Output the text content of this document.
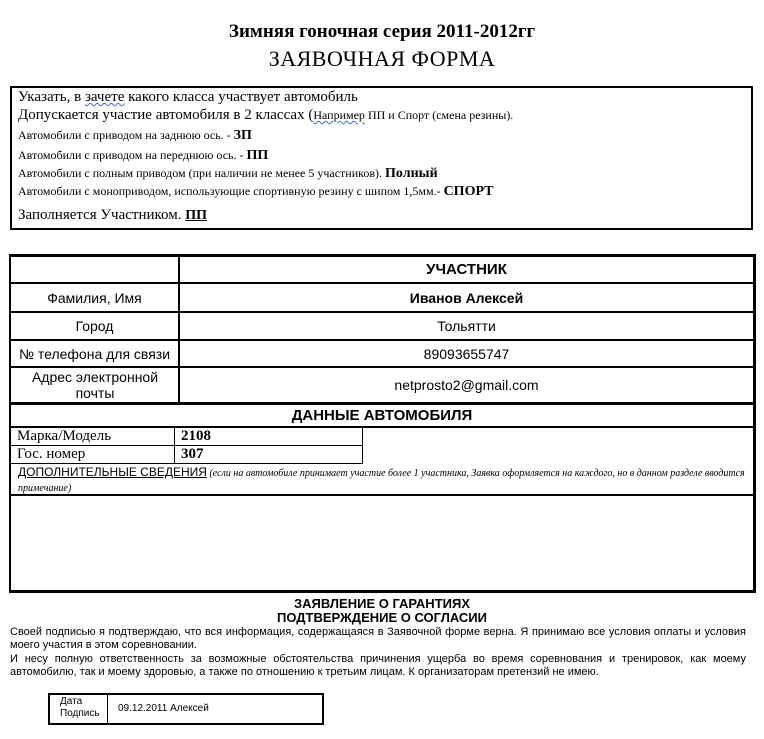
Зимняя гоночная серия 2011-2012гг
ЗАЯВОЧНАЯ ФОРМА
Указать, в зачете какого класса участвует автомобиль
Допускается участие автомобиля в 2 классах (Например ПП и Спорт (смена резины).
Автомобили с приводом на заднюю ось. - ЗП
Автомобили с приводом на переднюю ось. - ПП
Автомобили с полным приводом (при наличии не менее 5 участников). Полный
Автомобили с моноприводом, использующие спортивную резину с шипом 1,5мм.- СПОРТ
Заполняется Участником. ПП
УЧАСТНИК
Фамилия, Имя	Иванов Алексей
Город	Тольятти
№ телефона для связи	89093655747
Адрес электронной почты	netprosto2@gmail.com
ДАННЫЕ АВТОМОБИЛЯ
Марка/Модель	2108
Гос. номер	307
ДОПОЛНИТЕЛЬНЫЕ СВЕДЕНИЯ (если на автомобиле принимает участие более 1 участника, Заявка оформляется на каждого, но в данном разделе вводится примечание)
ЗАЯВЛЕНИЕ О ГАРАНТИЯХ
ПОДТВЕРЖДЕНИЕ О СОГЛАСИИ
Своей подписью я подтверждаю, что вся информация, содержащаяся в Заявочной форме верна. Я принимаю все условия оплаты и условия моего участия в этом соревновании.
И несу полную ответственность за возможные обстоятельства причинения ущерба во время соревнования и тренировок, как моему автомобилю, так и моему здоровью, а также по отношению к третьим лицам. К организаторам претензий не имею.
Дата
Подпись	09.12.2011 Алексей
